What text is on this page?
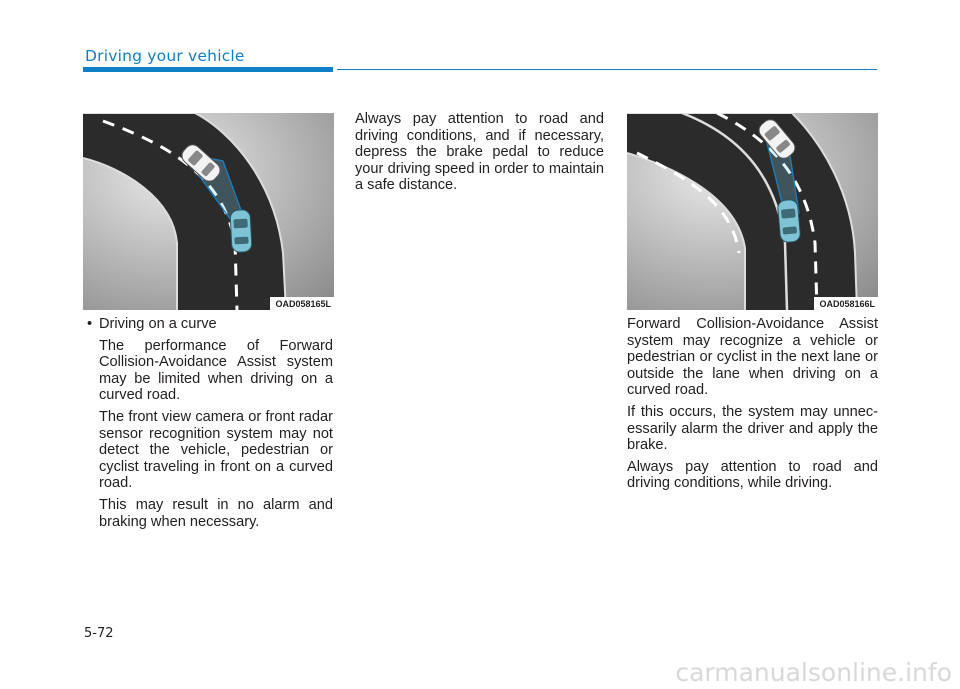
Driving your vehicle
OAD058165L	OAD058166L

• Driving on a curve

The performance of Forward Collision-Avoidance Assist system may be limited when driving on a curved road.

The front view camera or front radar sensor recognition system may not detect the vehicle, pedestrian or cyclist traveling in front on a curved road.

This may result in no alarm and braking when necessary.

Always pay attention to road and driving conditions, and if necessary, depress the brake pedal to reduce your driving speed in order to maintain a safe distance.

Forward Collision-Avoidance Assist system may recognize a vehicle or pedestrian or cyclist in the next lane or outside the lane when driving on a curved road.

If this occurs, the system may unnecessarily alarm the driver and apply the brake.

Always pay attention to road and driving conditions, while driving.

5-72
carmanualsonline.info
